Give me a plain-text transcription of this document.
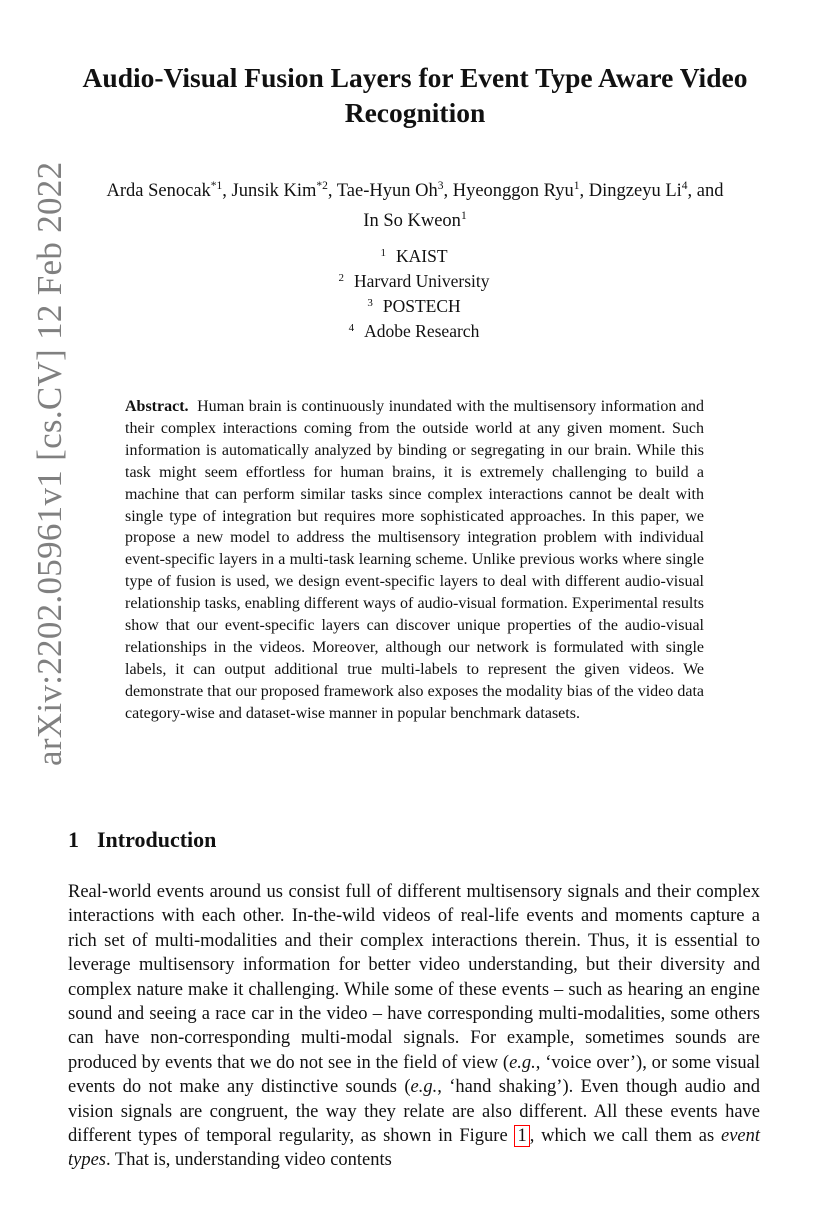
arXiv:2202.05961v1 [cs.CV] 12 Feb 2022
Audio-Visual Fusion Layers for Event Type Aware Video Recognition
Arda Senocak$^{*1}$, Junsik Kim$^{*2}$, Tae-Hyun Oh$^3$, Hyeonggon Ryu$^1$, Dingzeyu Li$^4$, and
In So Kweon$^1$
$^1$ KAIST
$^2$ Harvard University
$^3$ POSTECH
$^4$ Adobe Research
Abstract. Human brain is continuously inundated with the multisensory information and their complex interactions coming from the outside world at any given moment. Such information is automatically analyzed by binding or segregating in our brain. While this task might seem effortless for human brains, it is extremely challenging to build a machine that can perform similar tasks since complex interactions cannot be dealt with single type of integration but requires more sophisticated approaches. In this paper, we propose a new model to address the multisensory integration problem with individual event-specific layers in a multi-task learning scheme. Unlike previous works where single type of fusion is used, we design event-specific layers to deal with different audio-visual relationship tasks, enabling different ways of audio-visual formation. Experimental results show that our event-specific layers can discover unique properties of the audio-visual relationships in the videos. Moreover, although our network is formulated with single labels, it can output additional true multi-labels to represent the given videos. We demonstrate that our proposed framework also exposes the modality bias of the video data category-wise and dataset-wise manner in popular benchmark datasets.
1 Introduction
Real-world events around us consist full of different multisensory signals and their complex interactions with each other. In-the-wild videos of real-life events and moments capture a rich set of multi-modalities and their complex interactions therein. Thus, it is essential to leverage multisensory information for better video understanding, but their diversity and complex nature make it challenging. While some of these events – such as hearing an engine sound and seeing a race car in the video – have corresponding multi-modalities, some others can have non-corresponding multi-modal signals. For example, sometimes sounds are produced by events that we do not see in the field of view (e.g., ‘voice over’), or some visual events do not make any distinctive sounds (e.g., ‘hand shaking’). Even though audio and vision signals are congruent, the way they relate are also different. All these events have different types of temporal regularity, as shown in Figure 1 , which we call them as event types. That is, understanding video contents
